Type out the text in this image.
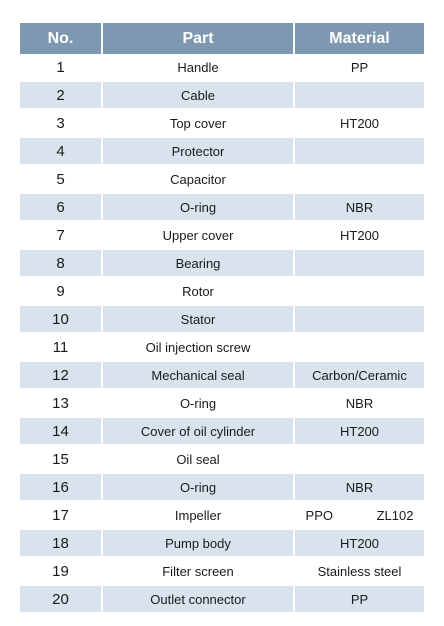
No.	Part	Material
1	Handle	PP
2	Cable	
3	Top cover	HT200
4	Protector	
5	Capacitor	
6	O-ring	NBR
7	Upper cover	HT200
8	Bearing	
9	Rotor	
10	Stator	
11	Oil injection screw	
12	Mechanical seal	Carbon/Ceramic
13	O-ring	NBR
14	Cover of oil cylinder	HT200
15	Oil seal	
16	O-ring	NBR
17	Impeller	PPO ZL102
18	Pump body	HT200
19	Filter screen	Stainless steel
20	Outlet connector	PP
